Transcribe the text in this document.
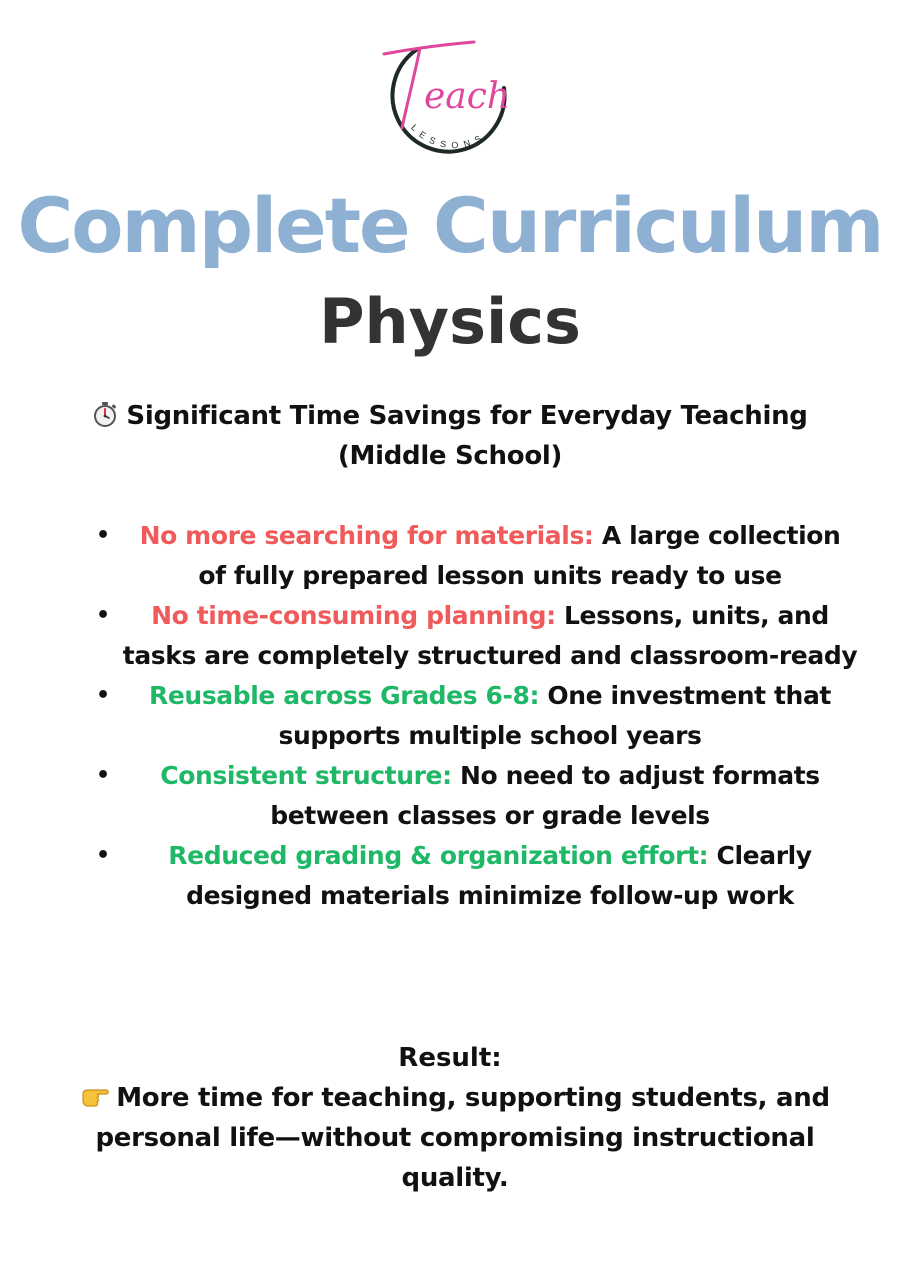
each
LESSONS
Complete Curriculum
Physics
Significant Time Savings for Everyday Teaching
(Middle School)
• No more searching for materials: A large collection of fully prepared lesson units ready to use
• No time-consuming planning: Lessons, units, and tasks are completely structured and classroom-ready
• Reusable across Grades 6-8: One investment that supports multiple school years
• Consistent structure: No need to adjust formats between classes or grade levels
• Reduced grading & organization effort: Clearly designed materials minimize follow-up work
Result:
More time for teaching, supporting students, and personal life—without compromising instructional quality.
